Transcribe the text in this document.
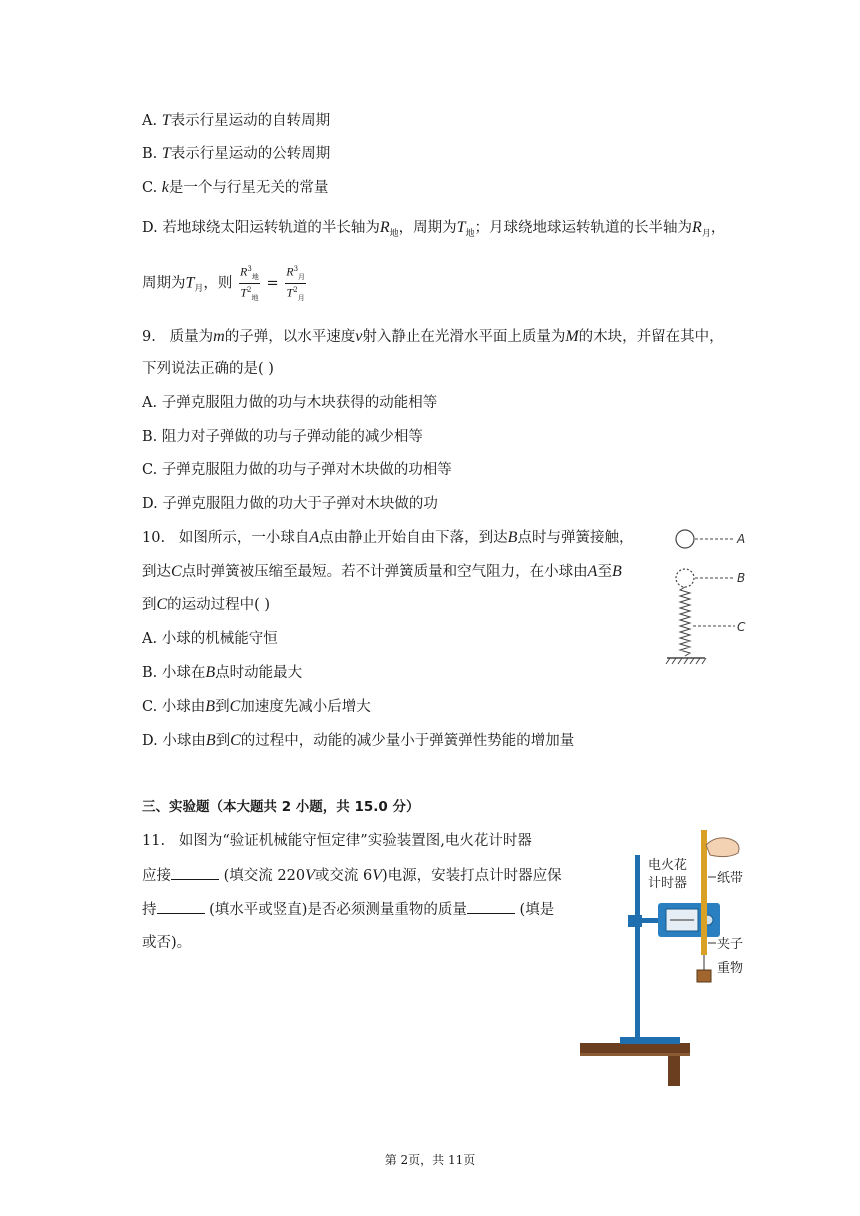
A. T表示行星运动的自转周期
B. T表示行星运动的公转周期
C. k是一个与行星无关的常量
D. 若地球绕太阳运转轨道的半长轴为$R_地$，周期为$T_地$；月球绕地球运转轨道的长半轴为$R_月$，
周期为$T_月$，则 $\frac{R^3_地}{T^2_地} = \frac{R^3_月}{T^2_月}$
9. 质量为m的子弹，以水平速度v射入静止在光滑水平面上质量为M的木块，并留在其中，
下列说法正确的是( )
A. 子弹克服阻力做的功与木块获得的动能相等
B. 阻力对子弹做的功与子弹动能的减少相等
C. 子弹克服阻力做的功与子弹对木块做的功相等
D. 子弹克服阻力做的功大于子弹对木块做的功
10. 如图所示，一小球自A点由静止开始自由下落，到达B点时与弹簧接触，
到达C点时弹簧被压缩至最短。若不计弹簧质量和空气阻力，在小球由A至B
到C的运动过程中( )
A. 小球的机械能守恒
B. 小球在B点时动能最大
C. 小球由B到C加速度先减小后增大
D. 小球由B到C的过程中，动能的减少量小于弹簧弹性势能的增加量
A
B
C
三、实验题（本大题共 2 小题，共 15.0 分）
11. 如图为“验证机械能守恒定律”实验装置图,电火花计时器
应接	(填交流 220V或交流 6V)电源，安装打点计时器应保
持	(填水平或竖直)是否必须测量重物的质量	(填是
或否)。
电火花
计时器 纸带
夹子
重物
第 2页，共 11页
